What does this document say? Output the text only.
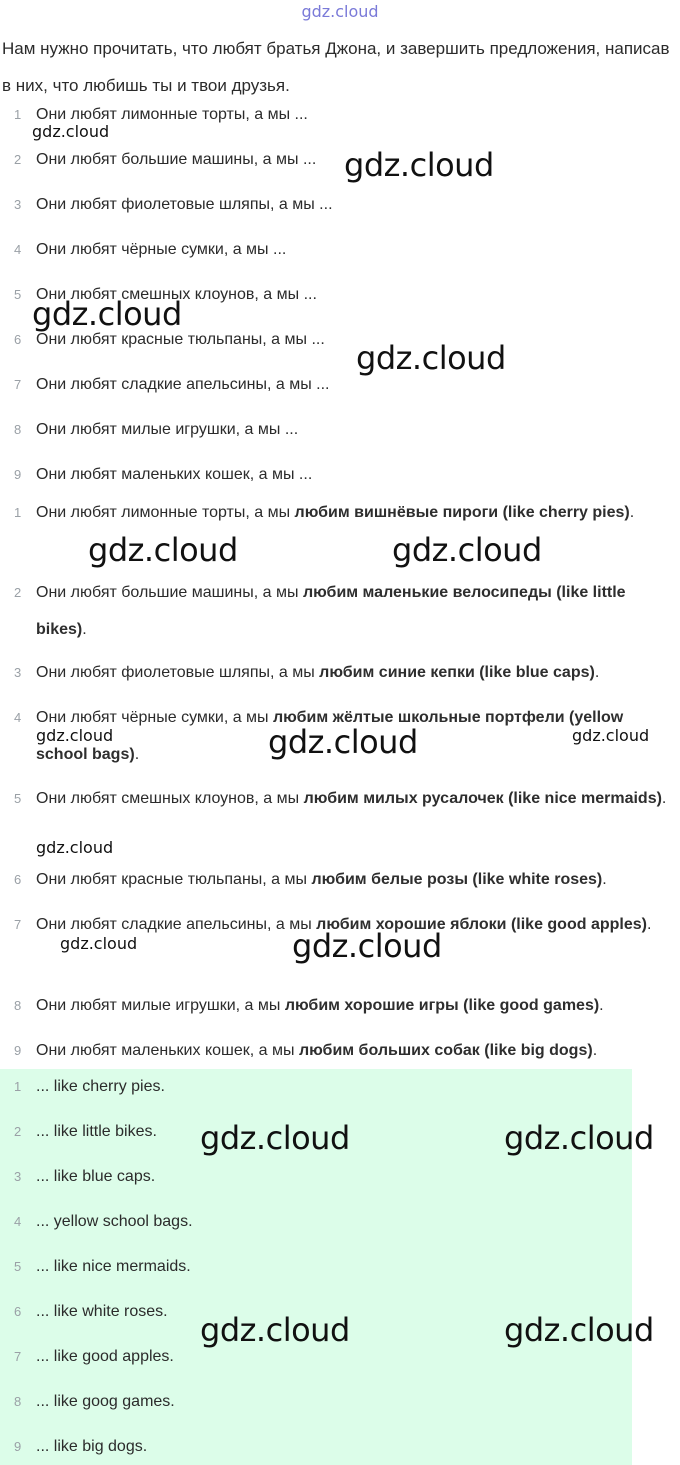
gdz.cloud
Нам нужно прочитать, что любят братья Джона, и завершить предложения, написав в них, что любишь ты и твои друзья.
1 Они любят лимонные торты, а мы ...
2 Они любят большие машины, а мы ...
3 Они любят фиолетовые шляпы, а мы ...
4 Они любят чёрные сумки, а мы ...
5 Они любят смешных клоунов, а мы ...
6 Они любят красные тюльпаны, а мы ...
7 Они любят сладкие апельсины, а мы ...
8 Они любят милые игрушки, а мы ...
9 Они любят маленьких кошек, а мы ...
1 Они любят лимонные торты, а мы любим вишнёвые пироги (like cherry pies).
2 Они любят большие машины, а мы любим маленькие велосипеды (like little bikes).
3 Они любят фиолетовые шляпы, а мы любим синие кепки (like blue caps).
4 Они любят чёрные сумки, а мы любим жёлтые школьные портфели (yellow school bags).
5 Они любят смешных клоунов, а мы любим милых русалочек (like nice mermaids).
6 Они любят красные тюльпаны, а мы любим белые розы (like white roses).
7 Они любят сладкие апельсины, а мы любим хорошие яблоки (like good apples).
8 Они любят милые игрушки, а мы любим хорошие игры (like good games).
9 Они любят маленьких кошек, а мы любим больших собак (like big dogs).
1 ... like cherry pies.
2 ... like little bikes.
3 ... like blue caps.
4 ... yellow school bags.
5 ... like nice mermaids.
6 ... like white roses.
7 ... like good apples.
8 ... like goog games.
9 ... like big dogs.
gdz.cloud
gdz.cloud
gdz.cloud
gdz.cloud
gdz.cloud	gdz.cloud
gdz.cloud	gdz.cloud	gdz.cloud
gdz.cloud
gdz.cloud	gdz.cloud
gdz.cloud	gdz.cloud
gdz.cloud	gdz.cloud
